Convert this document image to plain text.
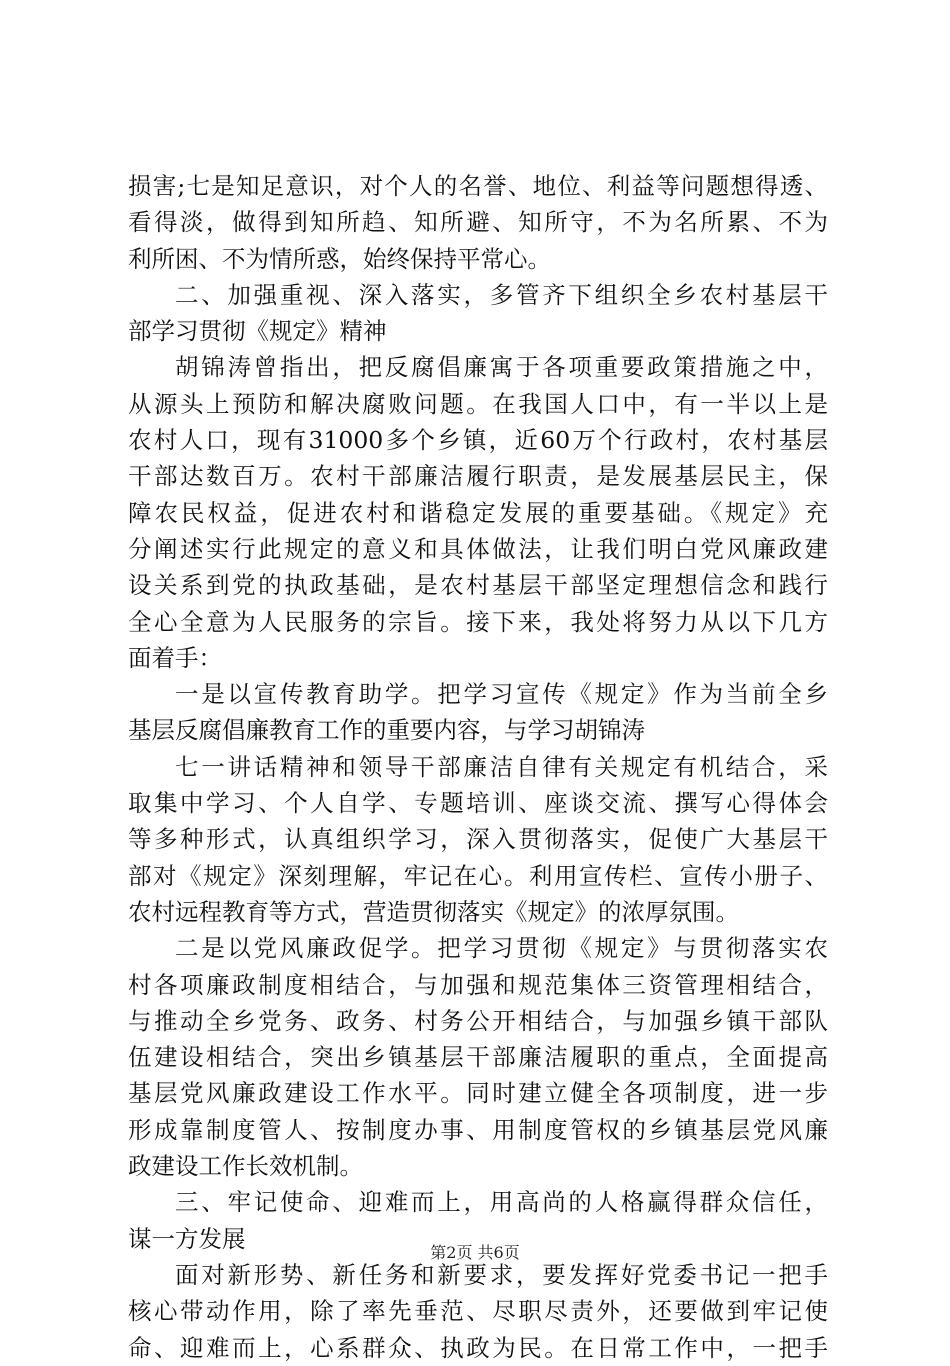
损害;七是知足意识，对个人的名誉、地位、利益等问题想得透、
看得淡，做得到知所趋、知所避、知所守，不为名所累、不为
利所困、不为情所惑，始终保持平常心。
二、加强重视、深入落实，多管齐下组织全乡农村基层干
部学习贯彻《规定》精神
胡锦涛曾指出，把反腐倡廉寓于各项重要政策措施之中，
从源头上预防和解决腐败问题。在我国人口中，有一半以上是
农村人口，现有31000多个乡镇，近60万个行政村，农村基层
干部达数百万。农村干部廉洁履行职责，是发展基层民主，保
障农民权益，促进农村和谐稳定发展的重要基础。《规定》充
分阐述实行此规定的意义和具体做法，让我们明白党风廉政建
设关系到党的执政基础，是农村基层干部坚定理想信念和践行
全心全意为人民服务的宗旨。接下来，我处将努力从以下几方
面着手：
一是以宣传教育助学。把学习宣传《规定》作为当前全乡
基层反腐倡廉教育工作的重要内容，与学习胡锦涛
七一讲话精神和领导干部廉洁自律有关规定有机结合，采
取集中学习、个人自学、专题培训、座谈交流、撰写心得体会
等多种形式，认真组织学习，深入贯彻落实，促使广大基层干
部对《规定》深刻理解，牢记在心。利用宣传栏、宣传小册子、
农村远程教育等方式，营造贯彻落实《规定》的浓厚氛围。
二是以党风廉政促学。把学习贯彻《规定》与贯彻落实农
村各项廉政制度相结合，与加强和规范集体三资管理相结合，
与推动全乡党务、政务、村务公开相结合，与加强乡镇干部队
伍建设相结合，突出乡镇基层干部廉洁履职的重点，全面提高
基层党风廉政建设工作水平。同时建立健全各项制度，进一步
形成靠制度管人、按制度办事、用制度管权的乡镇基层党风廉
政建设工作长效机制。
三、牢记使命、迎难而上，用高尚的人格赢得群众信任，
谋一方发展
面对新形势、新任务和新要求，要发挥好党委书记一把手
核心带动作用，除了率先垂范、尽职尽责外，还要做到牢记使
命、迎难而上，心系群众、执政为民。在日常工作中，一把手
第2页 共6页
